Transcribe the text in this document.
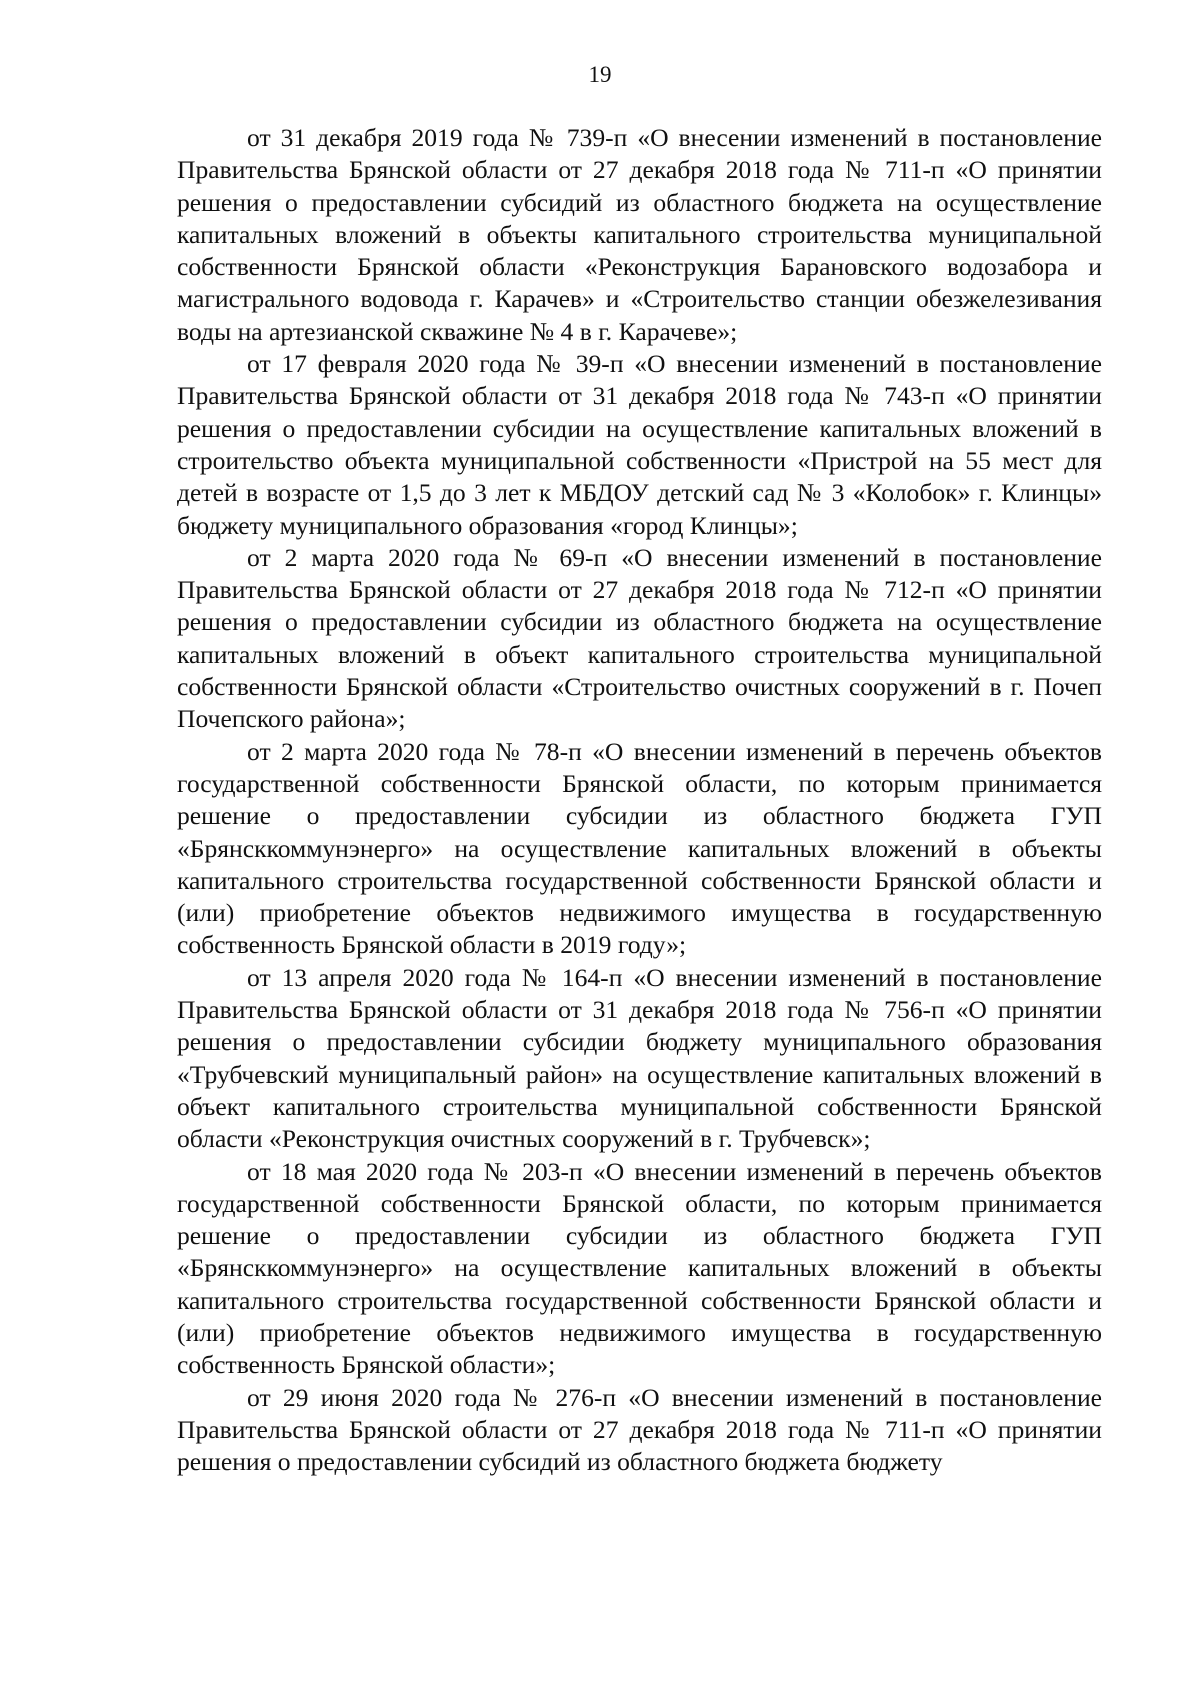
19

от 31 декабря 2019 года № 739-п «О внесении изменений в постановление Правительства Брянской области от 27 декабря 2018 года № 711-п «О принятии решения о предоставлении субсидий из областного бюджета на осуществление капитальных вложений в объекты капитального строительства муниципальной собственности Брянской области «Реконструкция Барановского водозабора и магистрального водовода г. Карачев» и «Строительство станции обезжелезивания воды на артезианской скважине № 4 в г. Карачеве»;

от 17 февраля 2020 года № 39-п «О внесении изменений в постановление Правительства Брянской области от 31 декабря 2018 года № 743-п «О принятии решения о предоставлении субсидии на осуществление капитальных вложений в строительство объекта муниципальной собственности «Пристрой на 55 мест для детей в возрасте от 1,5 до 3 лет к МБДОУ детский сад № 3 «Колобок» г. Клинцы» бюджету муниципального образования «город Клинцы»;

от 2 марта 2020 года № 69-п «О внесении изменений в постановление Правительства Брянской области от 27 декабря 2018 года № 712-п «О принятии решения о предоставлении субсидии из областного бюджета на осуществление капитальных вложений в объект капитального строительства муниципальной собственности Брянской области «Строительство очистных сооружений в г. Почеп Почепского района»;

от 2 марта 2020 года № 78-п «О внесении изменений в перечень объектов государственной собственности Брянской области, по которым принимается решение о предоставлении субсидии из областного бюджета ГУП «Брянсккоммунэнерго» на осуществление капитальных вложений в объекты капитального строительства государственной собственности Брянской области и (или) приобретение объектов недвижимого имущества в государственную собственность Брянской области в 2019 году»;

от 13 апреля 2020 года № 164-п «О внесении изменений в постановление Правительства Брянской области от 31 декабря 2018 года № 756-п «О принятии решения о предоставлении субсидии бюджету муниципального образования «Трубчевский муниципальный район» на осуществление капитальных вложений в объект капитального строительства муниципальной собственности Брянской области «Реконструкция очистных сооружений в г. Трубчевск»;

от 18 мая 2020 года № 203-п «О внесении изменений в перечень объектов государственной собственности Брянской области, по которым принимается решение о предоставлении субсидии из областного бюджета ГУП «Брянсккоммунэнерго» на осуществление капитальных вложений в объекты капитального строительства государственной собственности Брянской области и (или) приобретение объектов недвижимого имущества в государственную собственность Брянской области»;

от 29 июня 2020 года № 276-п «О внесении изменений в постановление Правительства Брянской области от 27 декабря 2018 года № 711-п «О принятии решения о предоставлении субсидий из областного бюджета бюджету
